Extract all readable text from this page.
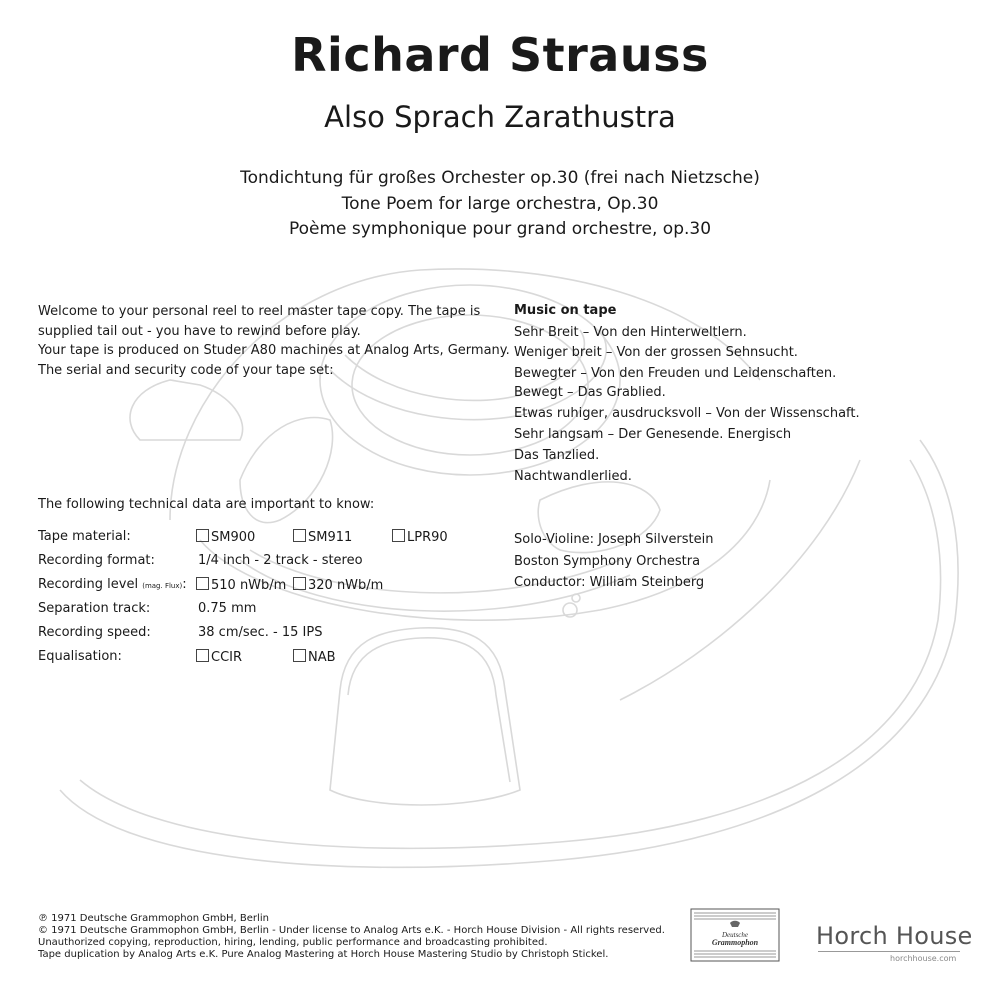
Richard Strauss
Also Sprach Zarathustra
Tondichtung für großes Orchester op.30 (frei nach Nietzsche)
Tone Poem for large orchestra, Op.30
Poème symphonique pour grand orchestre, op.30
Welcome to your personal reel to reel master tape copy. The tape is
supplied tail out - you have to rewind before play.
Your tape is produced on Studer A80 machines at Analog Arts, Germany.
The serial and security code of your tape set:
The following technical data are important to know:
Tape material:	SM900	SM911	LPR90
Recording format:	1/4 inch - 2 track - stereo
Recording level (mag. Flux):	510 nWb/m	320 nWb/m
Separation track:	0.75 mm
Recording speed:	38 cm/sec. - 15 IPS
Equalisation:	CCIR	NAB
Music on tape
Sehr Breit – Von den Hinterweltlern.
Weniger breit – Von der grossen Sehnsucht.
Bewegter – Von den Freuden und Leidenschaften.
Bewegt – Das Grablied.
Etwas ruhiger, ausdrucksvoll – Von der Wissenschaft.
Sehr langsam – Der Genesende. Energisch
Das Tanzlied.
Nachtwandlerlied.
Solo-Violine: Joseph Silverstein
Boston Symphony Orchestra
Conductor: William Steinberg
℗ 1971 Deutsche Grammophon GmbH, Berlin
© 1971 Deutsche Grammophon GmbH, Berlin - Under license to Analog Arts e.K. - Horch House Division - All rights reserved.
Unauthorized copying, reproduction, hiring, lending, public performance and broadcasting prohibited.
Tape duplication by Analog Arts e.K. Pure Analog Mastering at Horch House Mastering Studio by Christoph Stickel.
Deutsche
Grammophon Horch House
horchhouse.com
